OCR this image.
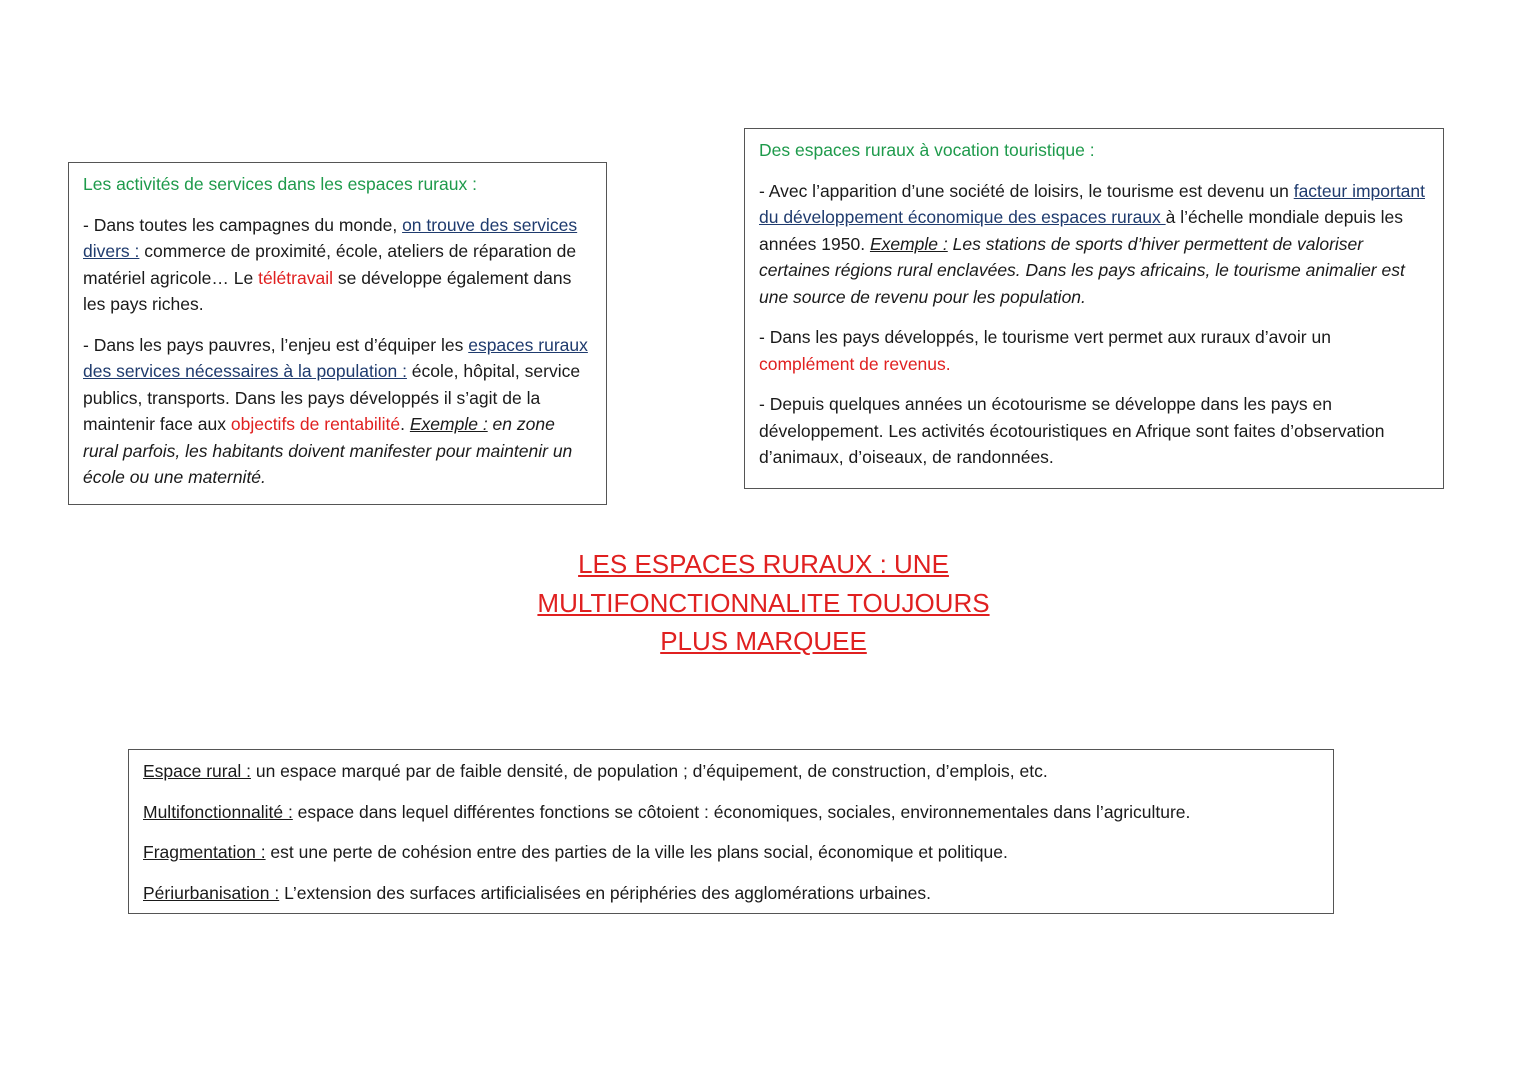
Les activités de services dans les espaces ruraux :

- Dans toutes les campagnes du monde, on trouve des services divers : commerce de proximité, école, ateliers de réparation de matériel agricole… Le télétravail se développe également dans les pays riches.

- Dans les pays pauvres, l’enjeu est d’équiper les espaces ruraux des services nécessaires à la population : école, hôpital, service publics, transports. Dans les pays développés il s’agit de la maintenir face aux objectifs de rentabilité. Exemple : en zone rural parfois, les habitants doivent manifester pour maintenir un école ou une maternité.

Des espaces ruraux à vocation touristique :

- Avec l’apparition d’une société de loisirs, le tourisme est devenu un facteur important du développement économique des espaces ruraux à l’échelle mondiale depuis les années 1950. Exemple : Les stations de sports d’hiver permettent de valoriser certaines régions rural enclavées. Dans les pays africains, le tourisme animalier est une source de revenu pour les population.

- Dans les pays développés, le tourisme vert permet aux ruraux d’avoir un complément de revenus.

- Depuis quelques années un écotourisme se développe dans les pays en développement. Les activités écotouristiques en Afrique sont faites d’observation d’animaux, d’oiseaux, de randonnées.

LES ESPACES RURAUX : UNE
MULTIFONCTIONNALITE TOUJOURS
PLUS MARQUEE

Espace rural : un espace marqué par de faible densité, de population ; d’équipement, de construction, d’emplois, etc.

Multifonctionnalité : espace dans lequel différentes fonctions se côtoient : économiques, sociales, environnementales dans l’agriculture.

Fragmentation : est une perte de cohésion entre des parties de la ville les plans social, économique et politique.

Périurbanisation : L’extension des surfaces artificialisées en périphéries des agglomérations urbaines.
